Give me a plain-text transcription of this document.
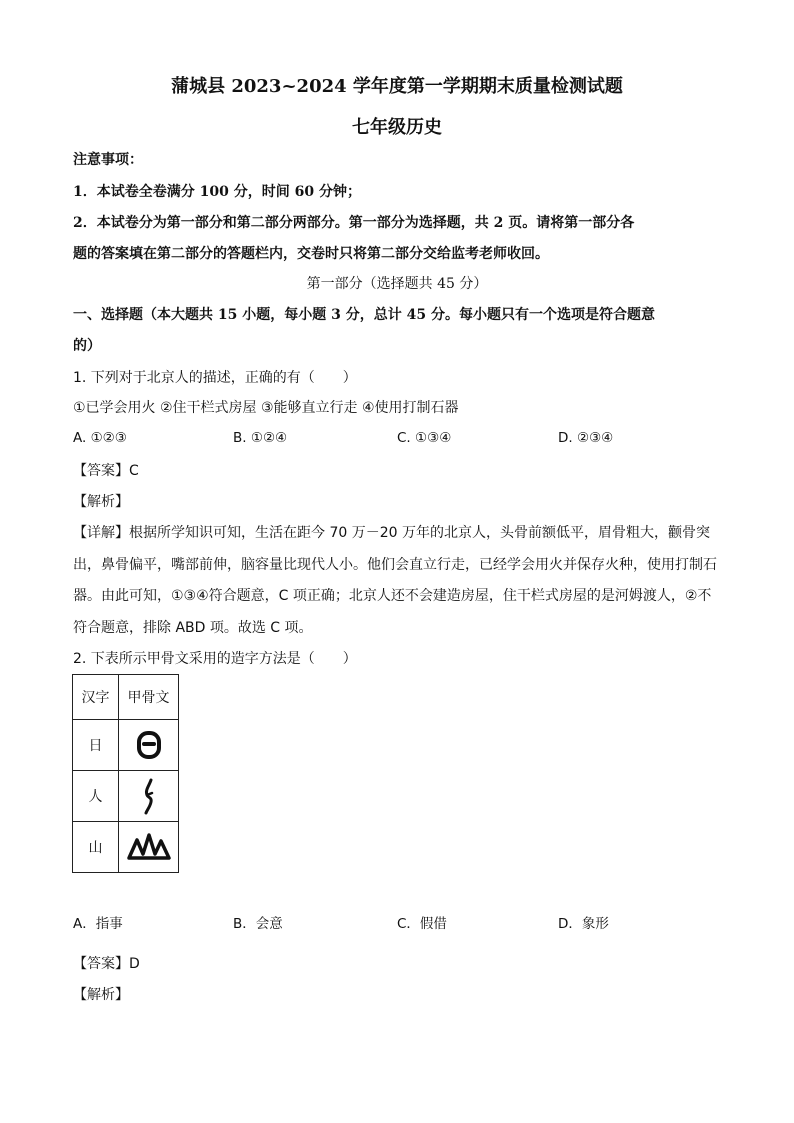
蒲城县 2023~2024 学年度第一学期期末质量检测试题
七年级历史
注意事项：
1．本试卷全卷满分 100 分，时间 60 分钟；
2．本试卷分为第一部分和第二部分两部分。第一部分为选择题，共 2 页。请将第一部分各
题的答案填在第二部分的答题栏内，交卷时只将第二部分交给监考老师收回。
第一部分（选择题共 45 分）
一、选择题（本大题共 15 小题，每小题 3 分，总计 45 分。每小题只有一个选项是符合题意
的）
1. 下列对于北京人的描述，正确的有（　　）
①已学会用火 ②住干栏式房屋 ③能够直立行走 ④使用打制石器
A. ①②③	B. ①②④	C. ①③④	D. ②③④
【答案】C
【解析】
【详解】根据所学知识可知，生活在距今 70 万－20 万年的北京人，头骨前额低平，眉骨粗大，颧骨突
出，鼻骨偏平，嘴部前伸，脑容量比现代人小。他们会直立行走，已经学会用火并保存火种，使用打制石
器。由此可知，①③④符合题意，C 项正确；北京人还不会建造房屋，住干栏式房屋的是河姆渡人，②不
符合题意，排除 ABD 项。故选 C 项。
2. 下表所示甲骨文采用的造字方法是（　　）
汉字	甲骨文
日	

人	

山	
A．指事	B．会意	C．假借	D．象形
【答案】D
【解析】
